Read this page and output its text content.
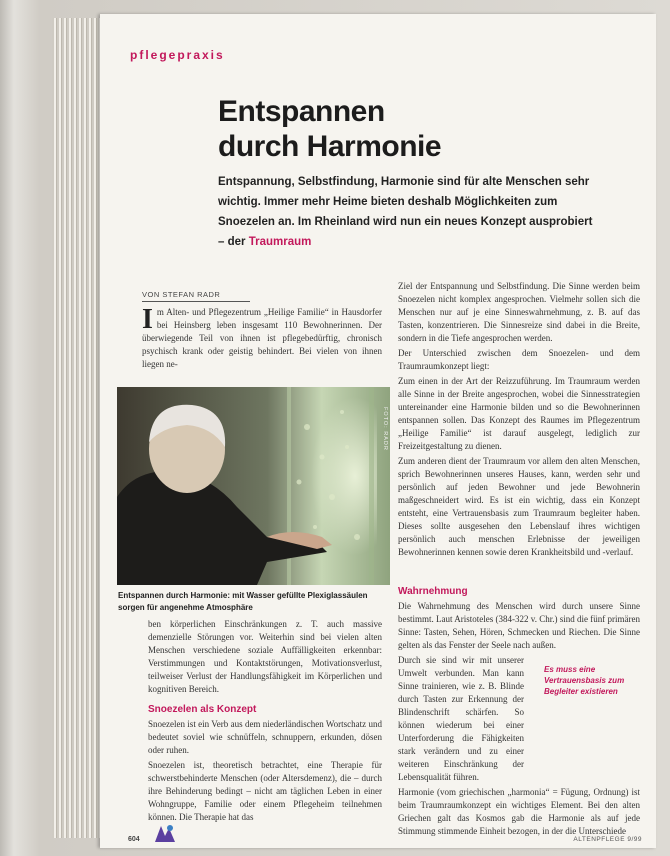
pflegepraxis
Entspannen
durch Harmonie
Entspannung, Selbstfindung, Harmonie sind für alte Menschen sehr wichtig. Immer mehr Heime bieten deshalb Möglichkeiten zum Snoezelen an. Im Rheinland wird nun ein neues Konzept ausprobiert – der Traumraum
VON STEFAN RADR

Im Alten- und Pflegezentrum „Heilige Familie“ in Hausdorfer bei Heinsberg leben insgesamt 110 Bewohnerinnen. Der überwiegende Teil von ihnen ist pflegebedürftig, chronisch psychisch krank oder geistig behindert. Bei vielen von ihnen liegen ne-

FOTO: RADR
Entspannen durch Harmonie: mit Wasser gefüllte Plexiglassäulen sorgen für angenehme Atmosphäre

ben körperlichen Einschränkungen z. T. auch massive demenzielle Störungen vor. Weiterhin sind bei vielen alten Menschen verschiedene soziale Auffälligkeiten erkennbar: Verstimmungen und Kontaktstörungen, Motivationsverlust, teilweiser Verlust der Handlungsfähigkeit im Körperlichen und kognitiven Bereich.

Snoezelen als Konzept

Snoezelen ist ein Verb aus dem niederländischen Wortschatz und bedeutet soviel wie schnüffeln, schnuppern, erkunden, dösen oder ruhen.

Snoezelen ist, theoretisch betrachtet, eine Therapie für schwerstbehinderte Menschen (oder Altersdemenz), die – durch ihre Behinderung bedingt – nicht am täglichen Leben in einer Wohngruppe, Familie oder einem Pflegeheim teilnehmen können. Die Therapie hat das

Ziel der Entspannung und Selbstfindung. Die Sinne werden beim Snoezelen nicht komplex angesprochen. Vielmehr sollen sich die Menschen nur auf je eine Sinneswahrnehmung, z. B. auf das Tasten, konzentrieren. Die Sinnesreize sind dabei in die Breite, sondern in die Tiefe angesprochen werden.

Der Unterschied zwischen dem Snoezelen- und dem Traumraumkonzept liegt:

Zum einen in der Art der Reizzuführung. Im Traumraum werden alle Sinne in der Breite angesprochen, wobei die Sinnesstrategien untereinander eine Harmonie bilden und so die Bewohnerinnen entspannen sollen. Das Konzept des Raumes im Pflegezentrum „Heilige Familie“ ist darauf ausgelegt, lediglich zur Freizeitgestaltung zu dienen.

Zum anderen dient der Traumraum vor allem den alten Menschen, sprich Bewohnerinnen unseres Hauses, kann, werden sehr und persönlich auf jeden Bewohner und jede Bewohnerin maßgeschneidert wird. Es ist ein wichtig, dass ein Konzept entsteht, eine Vertrauensbasis zum Traumraum begleiter haben. Dieses sollte ausgesehen den Lebenslauf ihres wichtigen persönlich auch menschen Erlebnisse der jeweiligen Bewohnerinnen kennen sowie deren Krankheitsbild und -verlauf.

Wahrnehmung

Die Wahrnehmung des Menschen wird durch unsere Sinne bestimmt. Laut Aristoteles (384-322 v. Chr.) sind die fünf primären Sinne: Tasten, Sehen, Hören, Schmecken und Riechen. Die Sinne gelten als das Fenster der Seele nach außen.

Durch sie sind wir mit unserer Umwelt verbunden. Man kann Sinne trainieren, wie z. B. Blinde durch Tasten zur Erkennung der Blindenschrift schärfen. So können wiederum bei einer Unterforderung die Fähigkeiten stark verändern und zu einer weiteren Einschränkung der Lebensqualität führen.

Harmonie (vom griechischen „harmonia“ = Fügung, Ordnung) ist beim Traumraumkonzept ein wichtiges Element. Bei den alten Griechen galt das Kosmos gab die Harmonie als auf jede Stimmung stimmende Einheit bezogen, in der die Unterschiede

Es muss eine Vertrauensbasis zum Begleiter existieren
604	ALTENPFLEGE 9/99
